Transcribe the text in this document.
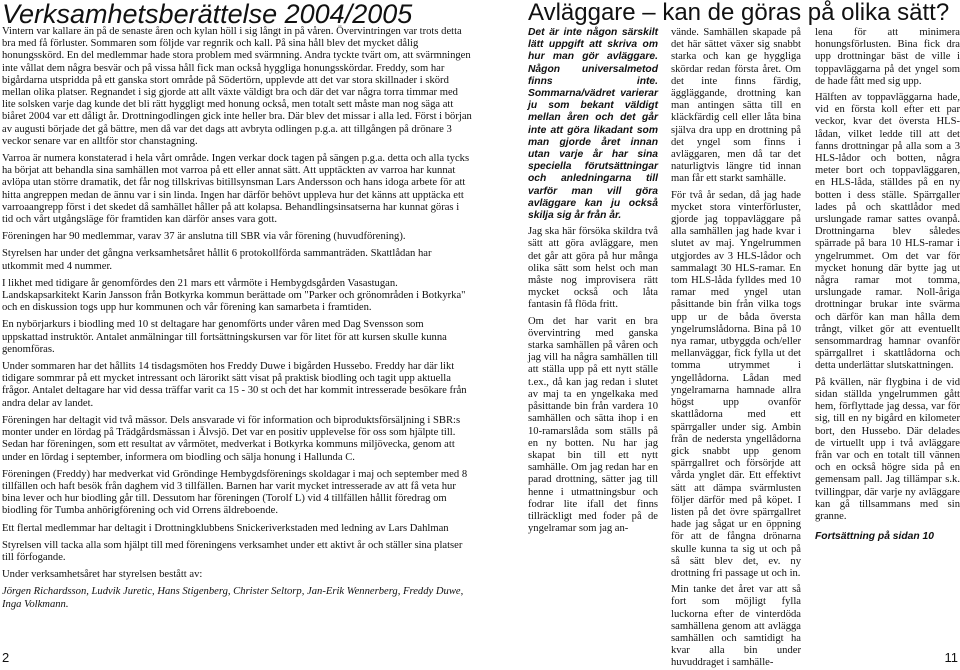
Verksamhetsberättelse 2004/2005

Vintern var kallare än på de senaste åren och kylan höll i sig långt in på våren. Övervintringen var trots detta bra med få förluster. Sommaren som följde var regnrik och kall. På sina håll blev det mycket dålig honungsskörd. En del medlemmar hade stora problem med svärmning. Andra tyckte tvärt om, att svärmningen inte vållat dem några besvär och på vissa håll fick man också hyggliga honungsskördar. Freddy, som har bigårdarna utspridda på ett ganska stort område på Södertörn, upplevde att det var stora skillnader i skörd mellan olika platser. Regnandet i sig gjorde att allt växte väldigt bra och där det var några torra timmar med lite solsken varje dag kunde det bli rätt hyggligt med honung också, men totalt sett måste man nog säga att biåret 2004 var ett dåligt år. Drottningodlingen gick inte heller bra. Där blev det missar i alla led. Först i början av augusti började det gå bättre, men då var det dags att avbryta odlingen p.g.a. att tillgången på drönare 3 veckor senare var en alltför stor chanstagning.

Varroa är numera konstaterad i hela vårt område. Ingen verkar dock tagen på sängen p.g.a. detta och alla tycks ha börjat att behandla sina samhällen mot varroa på ett eller annat sätt. Att upptäckten av varroa har kunnat avlöpa utan större dramatik, det får nog tillskrivas bitillsynsman Lars Andersson och hans idoga arbete för att hitta angreppen medan de ännu var i sin linda. Ingen har därför behövt uppleva hur det känns att upptäcka ett varroaangrepp först i det skedet då samhället håller på att kolapsa. Behandlingsinsatserna har kunnat göras i tid och vårt utgångsläge för framtiden kan därför anses vara gott.

Föreningen har 90 medlemmar, varav 37 är anslutna till SBR via vår förening (huvudförening).

Styrelsen har under det gångna verksamhetsåret hållit 6 protokollförda sammanträden. Skattlådan har utkommit med 4 nummer.

I likhet med tidigare år genomfördes den 21 mars ett vårmöte i Hembygdsgården Vasastugan. Landskapsarkitekt Karin Jansson från Botkyrka kommun berättade om "Parker och grönområden i Botkyrka" och en diskussion togs upp hur kommunen och vår förening kan samarbeta i framtiden.

En nybörjarkurs i biodling med 10 st deltagare har genomförts under våren med Dag Svensson som uppskattad instruktör. Antalet anmälningar till fortsättningskursen var för litet för att kursen skulle kunna genomföras.

Under sommaren har det hållits 14 tisdagsmöten hos Freddy Duwe i bigården Hussebo. Freddy har där likt tidigare sommrar på ett mycket intressant och lärorikt sätt visat på praktisk biodling och tagit upp aktuella frågor. Antalet deltagare har vid dessa träffar varit ca 15 - 30 st och det har kommit intresserade besökare från andra delar av landet.

Föreningen har deltagit vid två mässor. Dels ansvarade vi för information och biproduktsförsäljning i SBR:s monter under en lördag på Trädgårdsmässan i Älvsjö. Det var en positiv upplevelse för oss som hjälpte till. Sedan har föreningen, som ett resultat av vårmötet, medverkat i Botkyrka kommuns miljövecka, genom att under en lördag i september, informera om biodling och sälja honung i Hallunda C.

Föreningen (Freddy) har medverkat vid Gröndinge Hembygdsförenings skoldagar i maj och september med 8 tillfällen och haft besök från daghem vid 3 tillfällen. Barnen har varit mycket intresserade av att få veta hur bina lever och hur biodling går till. Dessutom har föreningen (Torolf L) vid 4 tillfällen hållit föredrag om biodling för Tumba anhörigförening och vid Orrens äldreboende.

Ett flertal medlemmar har deltagit i Drottningklubbens Snickeriverkstaden med ledning av Lars Dahlman

Styrelsen vill tacka alla som hjälpt till med föreningens verksamhet under ett aktivt år och ställer sina platser till förfogande.

Under verksamhetsåret har styrelsen bestått av:

Jörgen Richardsson, Ludvik Juretic, Hans Stigenberg, Christer Seltorp, Jan-Erik Wennerberg, Freddy Duwe, Inga Volkmann.

2
Avläggare – kan de göras på olika sätt?

Det är inte någon särskilt lätt uppgift att skriva om hur man gör avläggare. Någon universalmetod finns inte. Sommarna/vädret varierar ju som bekant väldigt mellan åren och det går inte att göra likadant som man gjorde året innan utan varje år har sina speciella förutsättningar och anledningarna till varför man vill göra avläggare kan ju också skilja sig år från år.

Jag ska här försöka skildra två sätt att göra avläggare, men det går att göra på hur många olika sätt som helst och man måste nog improvisera rätt mycket också och låta fantasin få flöda fritt.

Om det har varit en bra övervintring med ganska starka samhällen på våren och jag vill ha några samhällen till att ställa upp på ett nytt ställe t.ex., då kan jag redan i slutet av maj ta en yngelkaka med påsittande bin från vardera 10 samhällen och sätta ihop i en 10-ramarslåda som ställs på en ny botten. Nu har jag skapat bin till ett nytt samhälle. Om jag redan har en parad drottning, sätter jag till henne i utmattningsbur och fodrar lite ifall det finns tillräckligt med foder på de yngelramar som jag an-

vände. Samhällen skapade på det här sättet växer sig snabbt starka och kan ge hyggliga skördar redan första året. Om det inte finns färdig, äggläggande, drottning kan man antingen sätta till en kläckfärdig cell eller låta bina själva dra upp en drottning på det yngel som finns i avläggaren, men då tar det naturligtvis längre tid innan man får ett starkt samhälle.

För två år sedan, då jag hade mycket stora vinterförluster, gjorde jag toppavläggare på alla samhällen jag hade kvar i slutet av maj. Yngelrummen utgjordes av 3 HLS-lådor och sammalagt 30 HLS-ramar. En tom HLS-låda fylldes med 10 ramar med yngel utan påsittande bin från vilka togs upp ur de båda översta yngelrumslådorna. Bina på 10 nya ramar, utbyggda och/eller mellanväggar, fick fylla ut det tomma utrymmet i yngellådorna. Lådan med yngelramarna hamnade allra högst upp ovanför skattlådorna med ett spärrgaller under sig. Ambin från de nedersta yngellådorna gick snabbt upp genom spärrgallret och försörjde att vårda ynglet där. Ett effektivt sätt att dämpa svärmlusten följer därför med på köpet. I listen på det övre spärrgallret hade jag sågat ur en öppning för att de fångna drönarna skulle kunna ta sig ut och på så sätt blev det, ev. ny drottning fri passage ut och in.

Min tanke det året var att så fort som möjligt fylla luckorna efter de vinterdöda samhällena genom att avlägga samhällen och samtidigt ha kvar alla bin under huvuddraget i samhälle-

lena för att minimera honungsförlusten. Bina fick dra upp drottningar bäst de ville i toppavläggarna på det yngel som de hade fått med sig upp.

Hälften av toppavläggarna hade, vid en första koll efter ett par veckor, kvar det översta HLS-lådan, vilket ledde till att det fanns drottningar på alla som a 3 HLS-lådor och botten, några meter bort och toppavläggaren, en HLS-låda, ställdes på en ny botten i dess ställe. Spärrgaller lades på och skattlådor med urslungade ramar sattes ovanpå. Drottningarna blev således spärrade på bara 10 HLS-ramar i yngelrummet. Om det var för mycket honung där bytte jag ut några ramar mot tomma, urslungade ramar. Noll-åriga drottningar brukar inte svärma och därför kan man hålla dem trångt, vilket gör att eventuellt sensommardrag hamnar ovanför spärrgallret i skattlådorna och detta underlättar slutskattningen.

På kvällen, när flygbina i de vid sidan ställda yngelrummen gått hem, förflyttade jag dessa, var för sig, till en ny bigård en kilometer bort, den Hussebo. Där delades de virtuellt upp i två avläggare från var och en totalt till vännen och en också högre sida på en gemensam pall. Jag tillämpar s.k. tvillingpar, där varje ny avläggare kan gå tillsammans med sin granne.

Fortsättning på sidan 10
11
